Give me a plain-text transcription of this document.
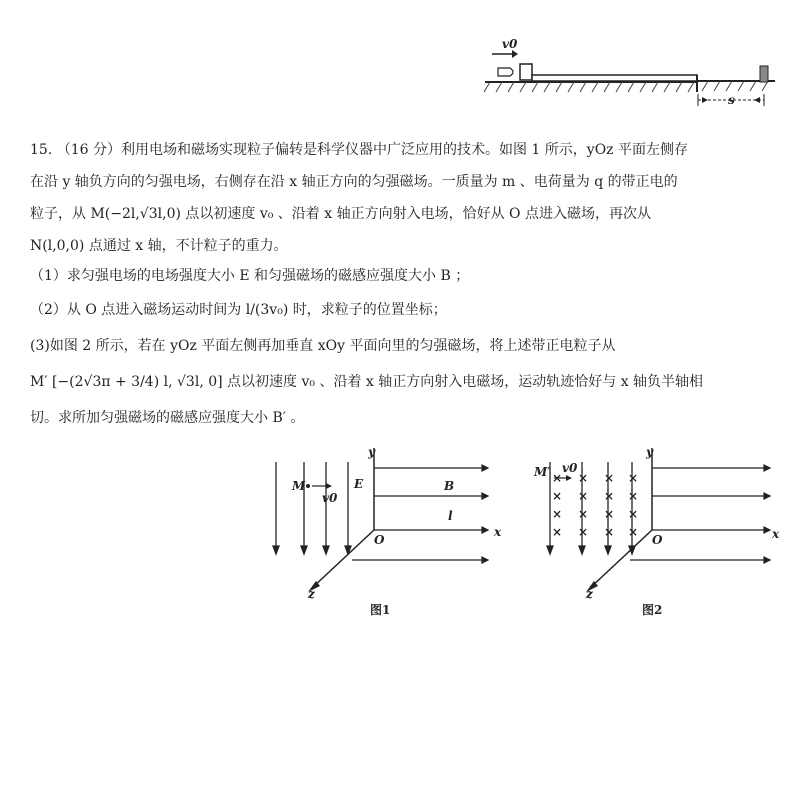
v0
s
15. （16 分）利用电场和磁场实现粒子偏转是科学仪器中广泛应用的技术。如图 1 所示，yOz 平面左侧存
在沿 y 轴负方向的匀强电场，右侧存在沿 x 轴正方向的匀强磁场。一质量为 m 、电荷量为 q 的带正电的
粒子，从 M(−2l,√3l,0) 点以初速度 v₀ 、沿着 x 轴正方向射入电场，恰好从 O 点进入磁场，再次从
N(l,0,0) 点通过 x 轴，不计粒子的重力。
（1）求匀强电场的电场强度大小 E 和匀强磁场的磁感应强度大小 B ；
（2）从 O 点进入磁场运动时间为 l/(3v₀) 时，求粒子的位置坐标；
(3)如图 2 所示，若在 yOz 平面左侧再加垂直 xOy 平面向里的匀强磁场，将上述带正电粒子从
M′ [−(2√3π + 3/4) l, √3l, 0] 点以初速度 v₀ 、沿着 x 轴正方向射入电磁场，运动轨迹恰好与 x 轴负半轴相
切。求所加匀强磁场的磁感应强度大小 B′ 。
M
v0
E
y
B
l
x
O
z
图1
×
×
×
×
×
×
×
×
×
×
×
×
×
×
×
×
M′ v0
y
x
O
z
图2
